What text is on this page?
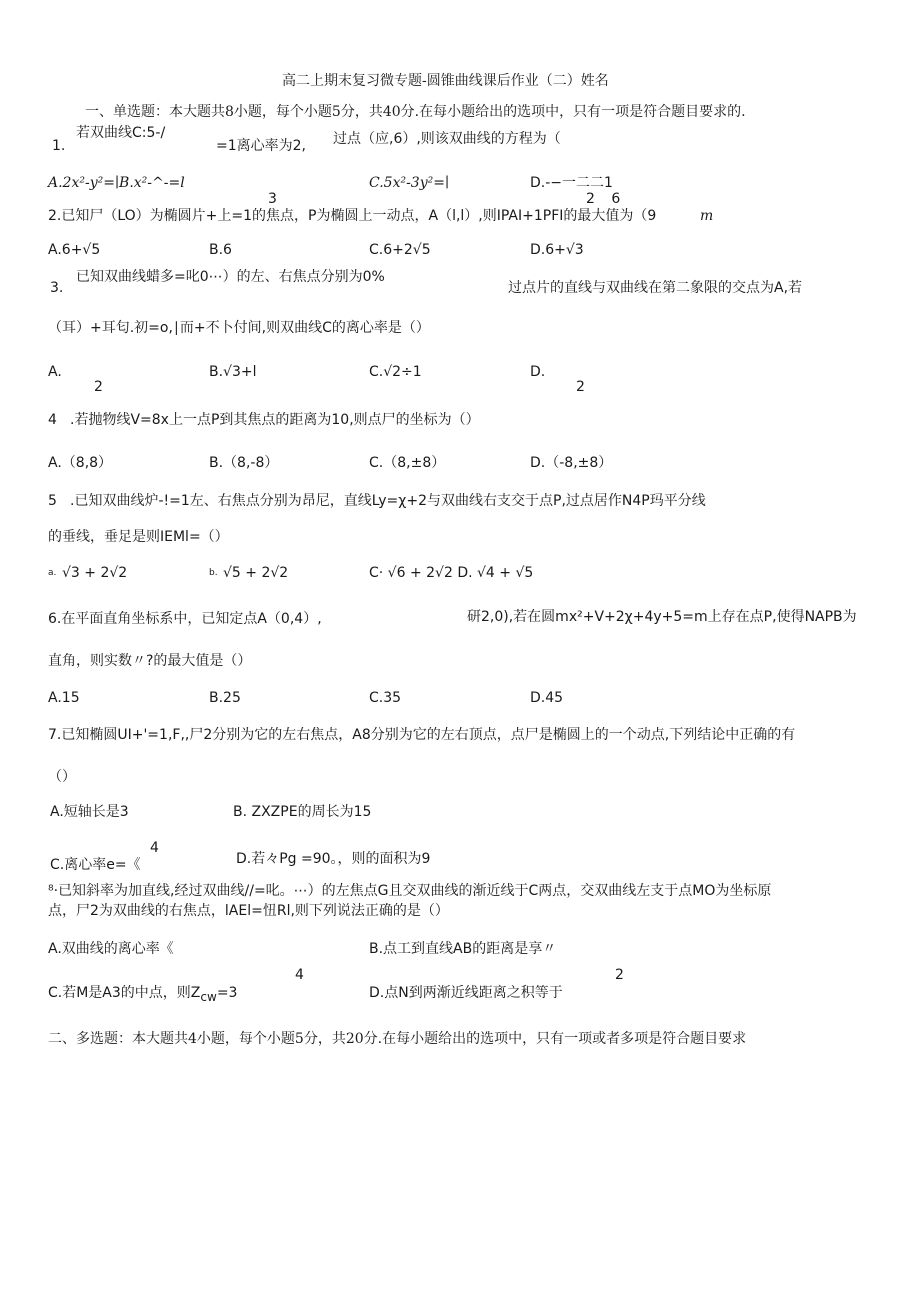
高二上期末复习微专题-圆锥曲线课后作业（二）姓名
一、单选题：本大题共8小题，每个小题5分，共40分.在每小题给出的选项中，只有一项是符合题目要求的.
1.
若双曲线C:5-/
=1离心率为2, 过点（应,6）,则该双曲线的方程为（
A.2x²-y²=∣B.x²-^-=l
3
C.5x²-3y²=∣	D.-−一二二1
2 6
2.已知尸（LO）为椭圆片+上=1的焦点，P为椭圆上一动点，A（l,l）,则IPAI+1PFI的最大值为（9	m
A.6+√5	B.6	C.6+2√5	D.6+√3
3.
已知双曲线蜡多=叱0⋯）的左、右焦点分别为0%
过点片的直线与双曲线在第二象限的交点为A,若
（耳）+耳匂.初=o,∣而+不卜付间,则双曲线C的离心率是（）
A.
2
B.√3+l	C.√2÷1	D.
2
4 .若抛物线V=8x上一点P到其焦点的距离为10,则点尸的坐标为（）
A.（8,8）	B.（8,-8）	C.（8,±8）	D.（-8,±8）
5 .已知双曲线炉-!=1左、右焦点分别为昂尼，直线Ly=χ+2与双曲线右支交于点P,过点居作N4P玛平分线
的垂线，垂足是则IEMl=（）
a. √3 + 2√2	b. √5 + 2√2	C· √6 + 2√2 D. √4 + √5
6.在平面直角坐标系中，已知定点A（0,4）,	研2,0),若在圆mx²+V+2χ+4y+5=m上存在点P,使得NAPB为
直角，则实数〃?的最大值是（）
A.15	B.25	C.35	D.45
7.已知椭圆UI+'=1,F,,尸2分别为它的左右焦点，A8分别为它的左右顶点，点尸是椭圆上的一个动点,下列结论中正确的有
（）
A.短轴长是3	B. ZXZPE的周长为15
4
C.离心率e=《	D.若々Pg =90。，则的面积为9
⁸·已知斜率为加直线,经过双曲线//=叱。⋯）的左焦点G且交双曲线的渐近线于C两点，交双曲线左支于点MO为坐标原
点，尸2为双曲线的右焦点，lAEl=忸Rl,则下列说法正确的是（）
A.双曲线的离心率《	B.点工到直线AB的距离是享〃
4	2
C.若M是A3的中点，则$Z_{cw}=3$	D.点N到两渐近线距离之积等于
二、多选题：本大题共4小题，每个小题5分，共20分.在每小题给出的选项中，只有一项或者多项是符合题目要求
